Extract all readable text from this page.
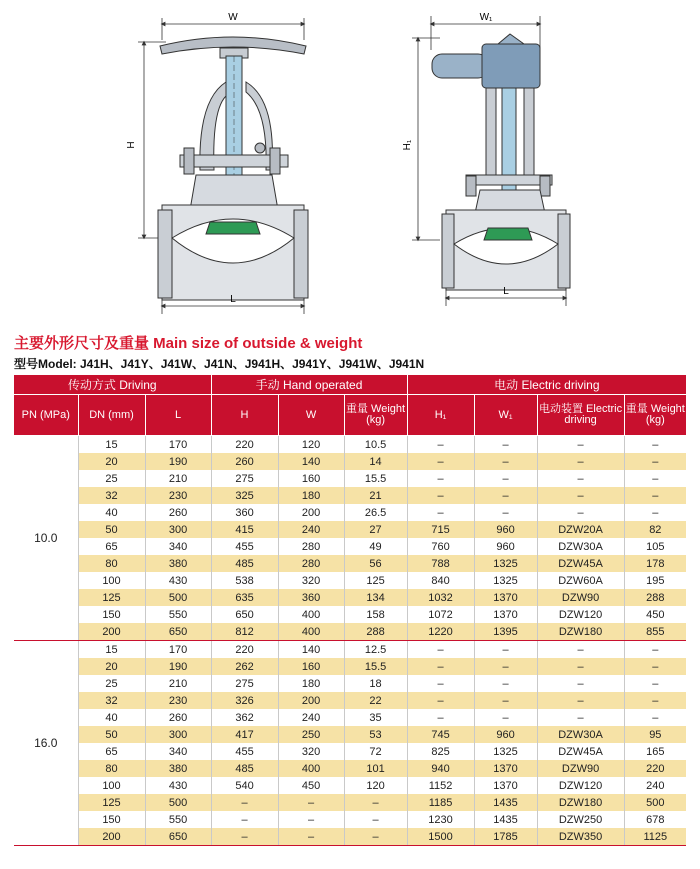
W
H
L
W₁
H₁
L
主要外形尺寸及重量 Main size of outside & weight
型号Model: J41H、J41Y、J41W、J41N、J941H、J941Y、J941W、J941N
传动方式 Driving			手动 Hand operated			电动 Electric driving			
PN (MPa)	DN (mm)	L	H	W	重量 Weight (kg)	H₁	W₁	电动装置 Electric driving	重量 Weight (kg)
10.0	15	170	220	120	10.5	–	–	–	–
	20	190	260	140	14	–	–	–	–
	25	210	275	160	15.5	–	–	–	–
	32	230	325	180	21	–	–	–	–
	40	260	360	200	26.5	–	–	–	–
	50	300	415	240	27	715	960	DZW20A	82
	65	340	455	280	49	760	960	DZW30A	105
	80	380	485	280	56	788	1325	DZW45A	178
	100	430	538	320	125	840	1325	DZW60A	195
	125	500	635	360	134	1032	1370	DZW90	288
	150	550	650	400	158	1072	1370	DZW120	450
	200	650	812	400	288	1220	1395	DZW180	855
16.0	15	170	220	140	12.5	–	–	–	–
	20	190	262	160	15.5	–	–	–	–
	25	210	275	180	18	–	–	–	–
	32	230	326	200	22	–	–	–	–
	40	260	362	240	35	–	–	–	–
	50	300	417	250	53	745	960	DZW30A	95
	65	340	455	320	72	825	1325	DZW45A	165
	80	380	485	400	101	940	1370	DZW90	220
	100	430	540	450	120	1152	1370	DZW120	240
	125	500	–	–	–	1185	1435	DZW180	500
	150	550	–	–	–	1230	1435	DZW250	678
	200	650	–	–	–	1500	1785	DZW350	1125
